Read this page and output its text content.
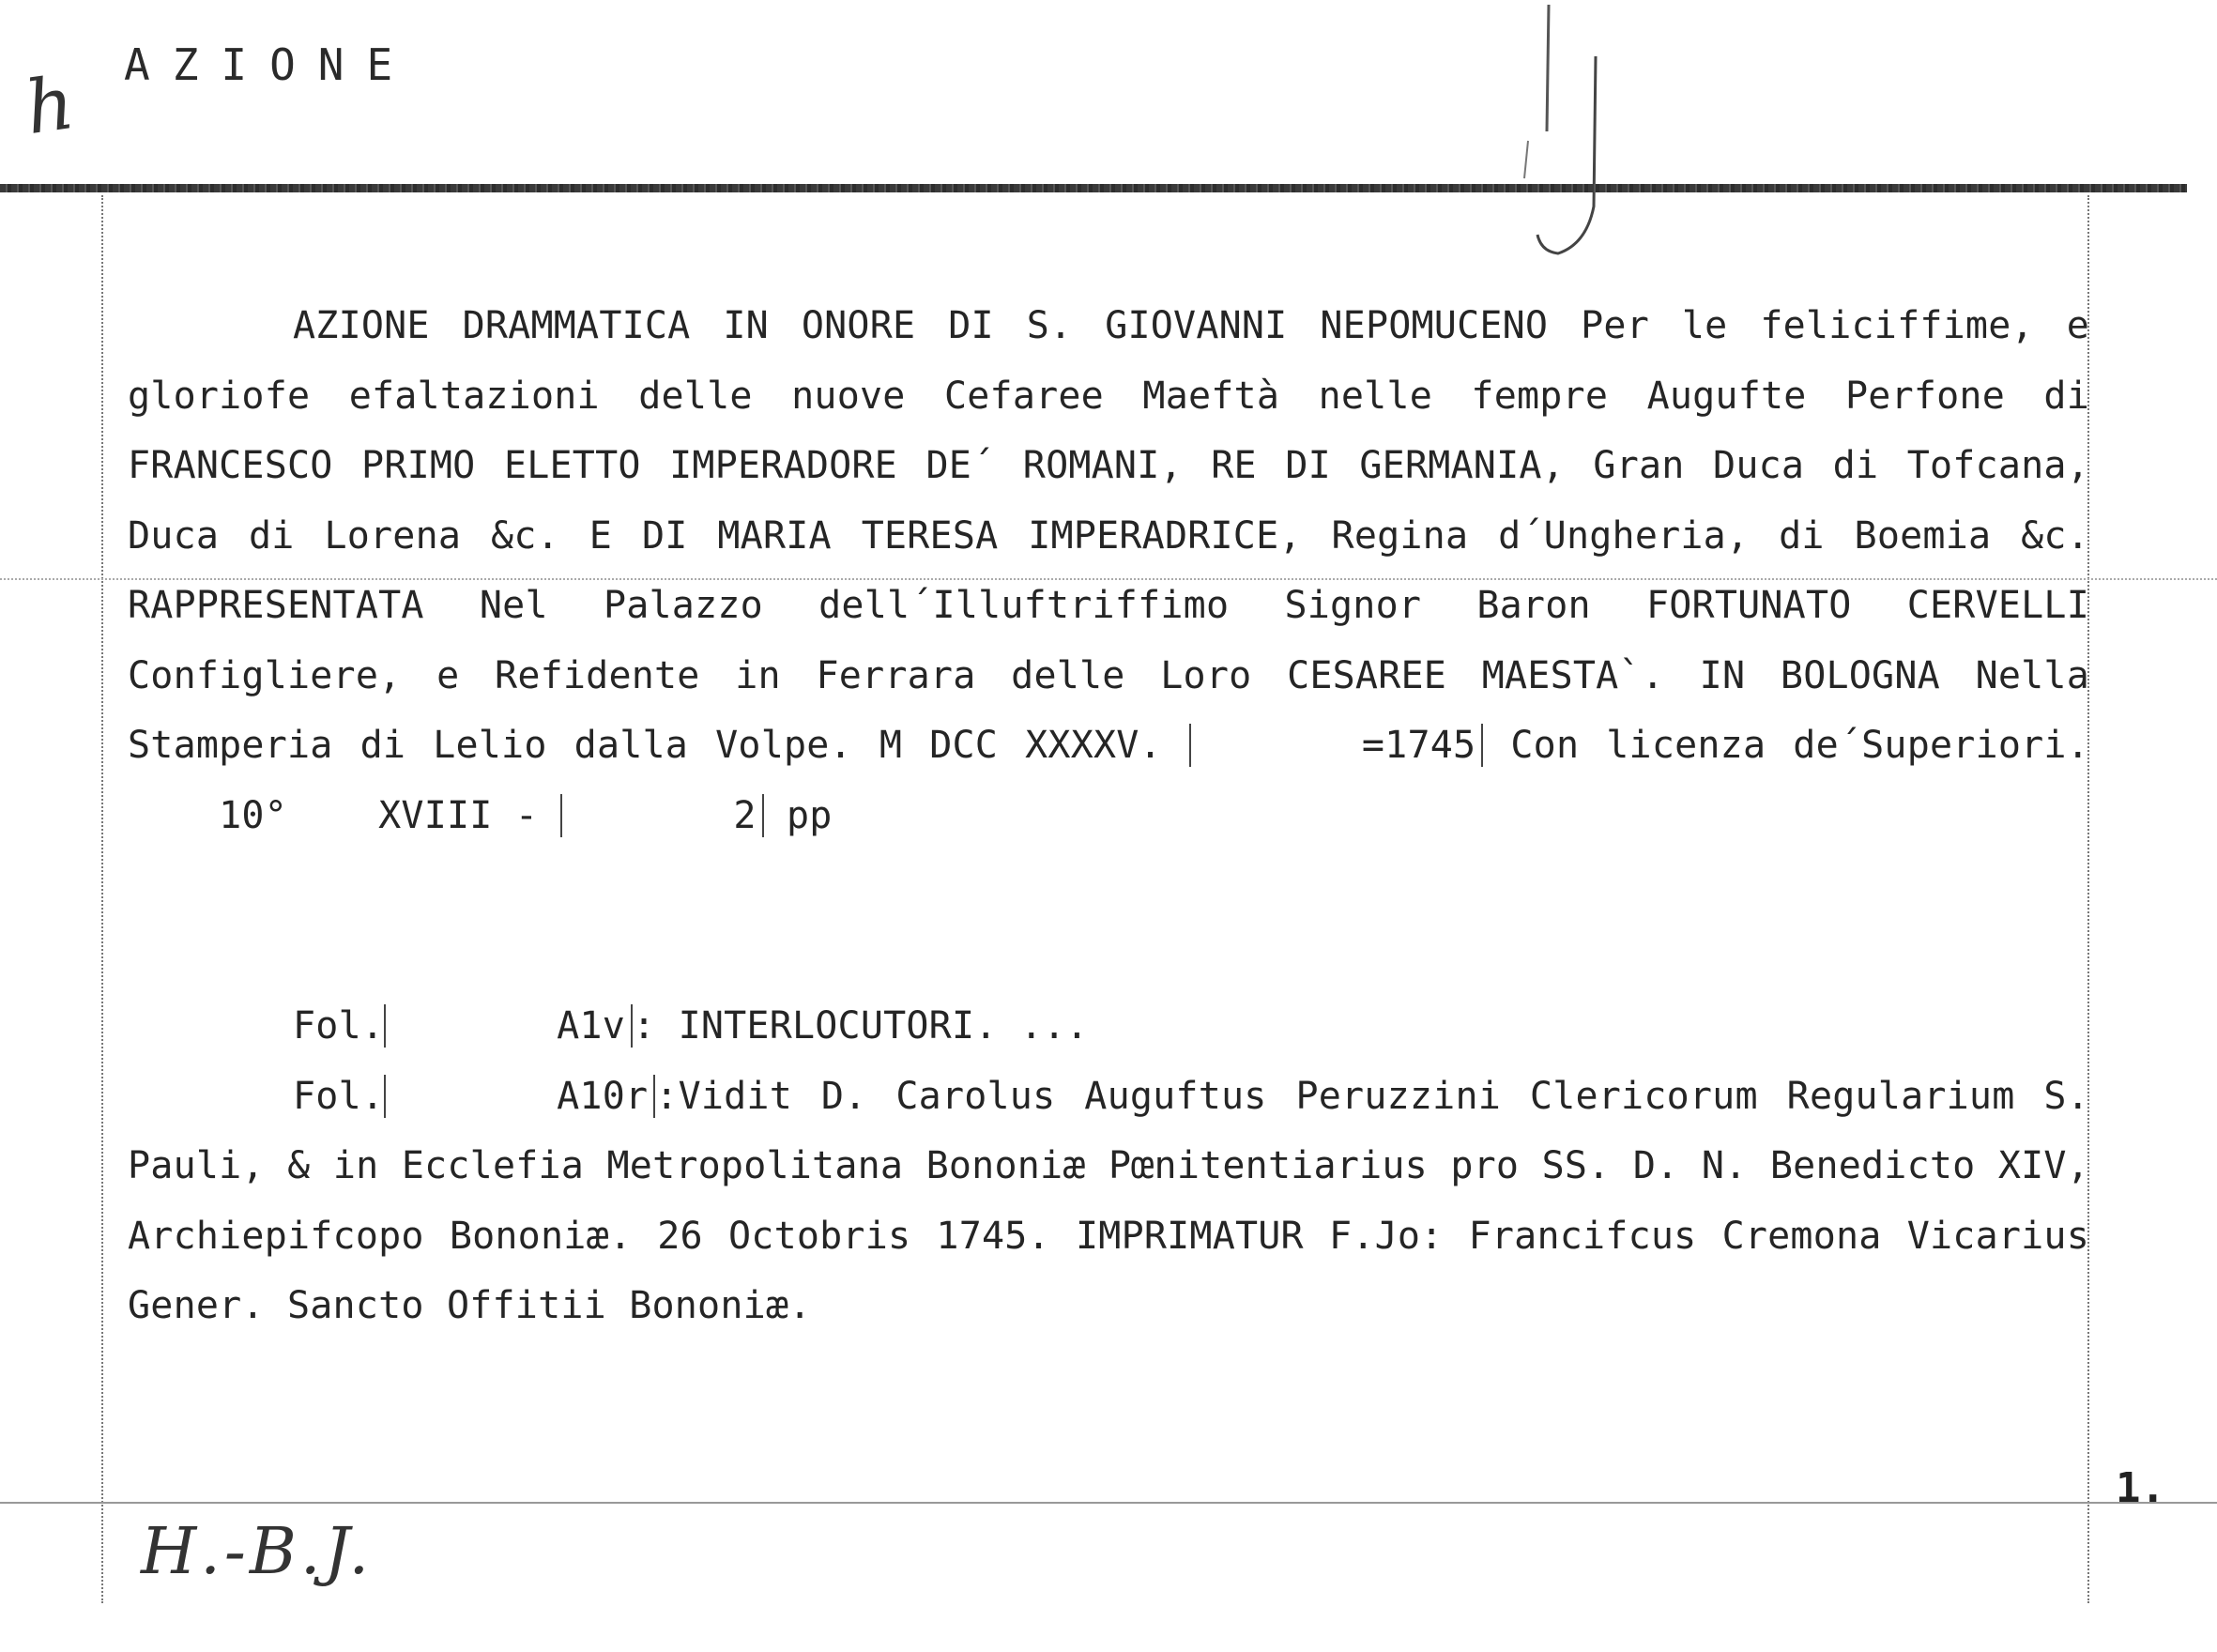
h AZIONE

AZIONE DRAMMATICA IN ONORE DI S. GIOVANNI NEPOMUCENO Per le feliciffime, e gloriofe efaltazioni delle nuove Cefaree Maeftà nelle fempre Augufte Perfone di FRANCESCO PRIMO ELETTO IMPERADORE DE´ ROMANI, RE DI GERMANIA, Gran Duca di Tofcana, Duca di Lorena &c. E DI MARIA TERESA IMPERADRICE, Regina d´Ungheria, di Boemia &c. RAPPRESENTATA Nel Palazzo dell´Illuftriffimo Signor Baron FORTUNATO CERVELLI Configliere, e Refidente in Ferrara delle Loro CESAREE MAESTA`. IN BOLOGNA Nella Stamperia di Lelio dalla Volpe. M DCC XXXXV.	=1745 Con licenza de´Superiori.     10° XVIII -	2 pp

Fol.	A1v : INTERLOCUTORI. ...

Fol.	A10r :Vidit D. Carolus Auguftus Peruzzini Clericorum Regularium S. Pauli, & in Ecclefia Metropolitana Bononiæ Pœnitentiarius pro SS. D. N. Benedicto XIV, Archiepifcopo Bononiæ. 26 Octobris 1745. IMPRIMATUR F.Jo: Francifcus Cremona Vicarius Gener. Sancto Offitii Bononiæ.

1.
H.-B.J.
